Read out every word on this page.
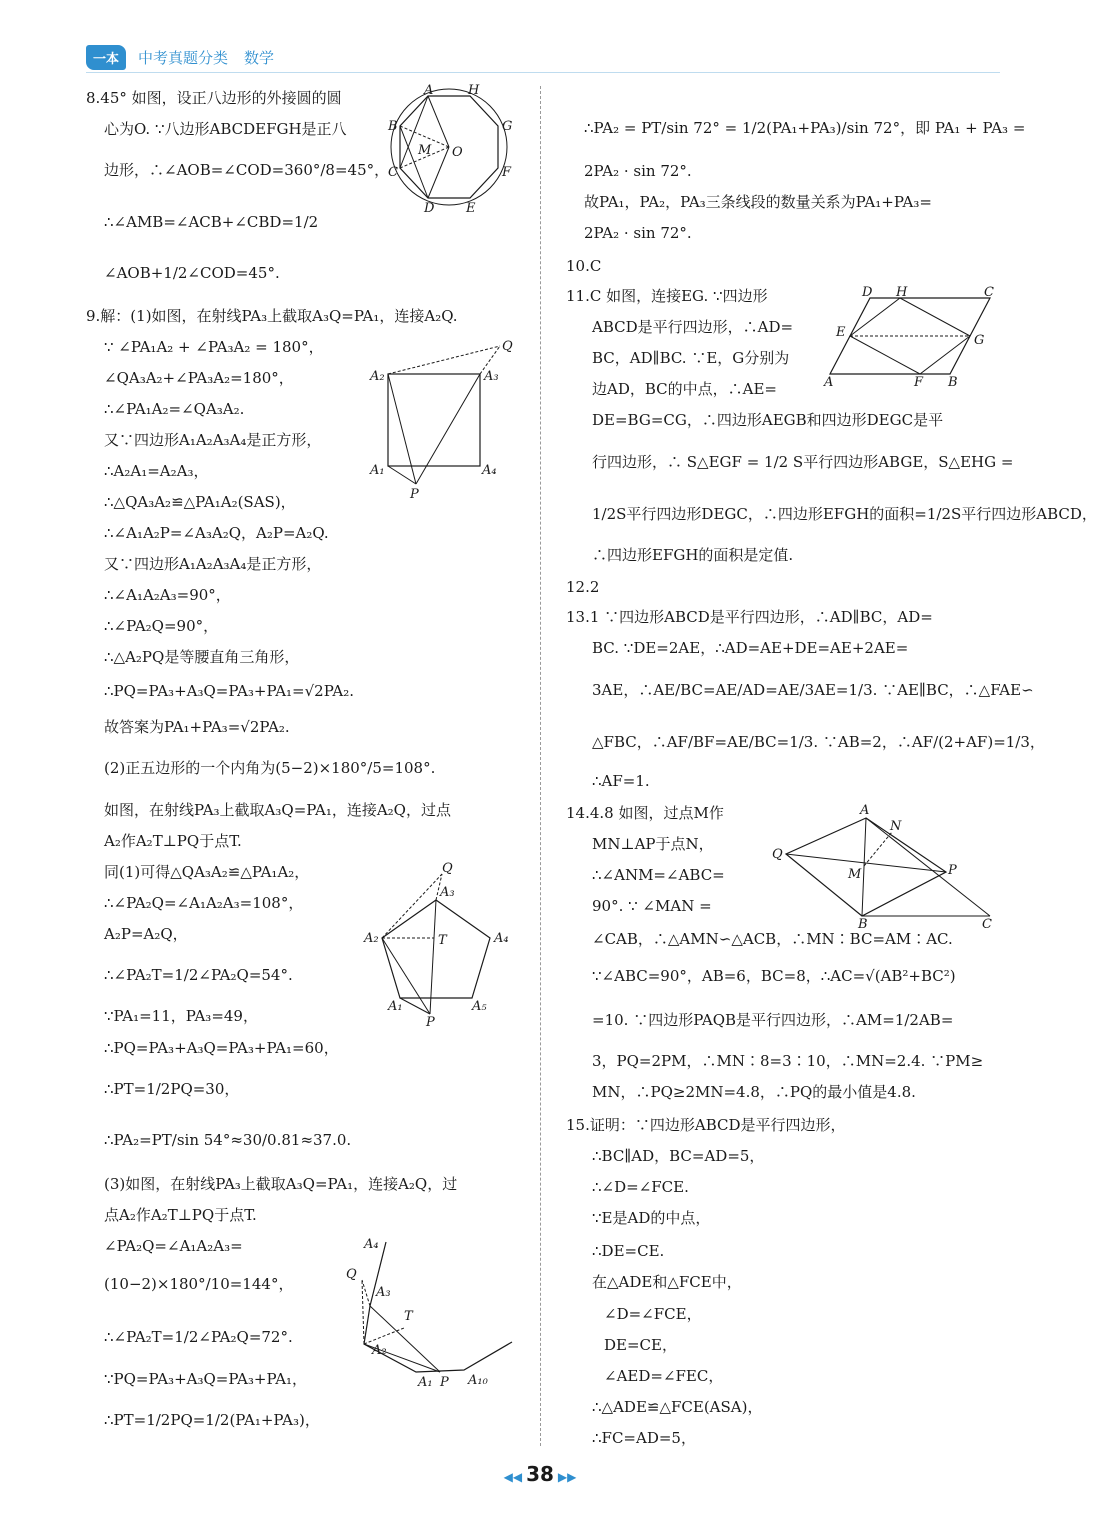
一本	中考真题分类 数学
8.45° 如图，设正八边形的外接圆的圆
心为O. ∵八边形ABCDEFGH是正八
边形，∴∠AOB=∠COD=360°/8=45°，
∴∠AMB=∠ACB+∠CBD=1/2
∠AOB+1/2∠COD=45°.
9.解：(1)如图，在射线PA₃上截取A₃Q=PA₁，连接A₂Q.
∵ ∠PA₁A₂ + ∠PA₃A₂ = 180°，
∠QA₃A₂+∠PA₃A₂=180°，
∴∠PA₁A₂=∠QA₃A₂.
又∵四边形A₁A₂A₃A₄是正方形，
∴A₂A₁=A₂A₃，
∴△QA₃A₂≌△PA₁A₂(SAS)，
∴∠A₁A₂P=∠A₃A₂Q，A₂P=A₂Q.
又∵四边形A₁A₂A₃A₄是正方形，
∴∠A₁A₂A₃=90°，
∴∠PA₂Q=90°，
∴△A₂PQ是等腰直角三角形，
∴PQ=PA₃+A₃Q=PA₃+PA₁=√2PA₂.
故答案为PA₁+PA₃=√2PA₂.
(2)正五边形的一个内角为(5−2)×180°/5=108°.
如图，在射线PA₃上截取A₃Q=PA₁，连接A₂Q，过点
A₂作A₂T⊥PQ于点T.
同(1)可得△QA₃A₂≌△PA₁A₂，
∴∠PA₂Q=∠A₁A₂A₃=108°，
A₂P=A₂Q，
∴∠PA₂T=1/2∠PA₂Q=54°.
∵PA₁=11，PA₃=49，
∴PQ=PA₃+A₃Q=PA₃+PA₁=60，
∴PT=1/2PQ=30，
∴PA₂=PT/sin 54°≈30/0.81≈37.0.
(3)如图，在射线PA₃上截取A₃Q=PA₁，连接A₂Q，过
点A₂作A₂T⊥PQ于点T.
∠PA₂Q=∠A₁A₂A₃=
(10−2)×180°/10=144°，
∴∠PA₂T=1/2∠PA₂Q=72°.
∵PQ=PA₃+A₃Q=PA₃+PA₁，
∴PT=1/2PQ=1/2(PA₁+PA₃)，
∴PA₂ = PT/sin 72° = 1/2(PA₁+PA₃)/sin 72°，即 PA₁ + PA₃ =
2PA₂ · sin 72°.
故PA₁，PA₂，PA₃三条线段的数量关系为PA₁+PA₃=
2PA₂ · sin 72°.
10.C
11.C 如图，连接EG. ∵四边形
ABCD是平行四边形，∴AD=
BC，AD∥BC. ∵E，G分别为
边AD，BC的中点，∴AE=
DE=BG=CG，∴四边形AEGB和四边形DEGC是平
行四边形，∴ S△EGF = 1/2 S平行四边形ABGE，S△EHG =
1/2S平行四边形DEGC，∴四边形EFGH的面积=1/2S平行四边形ABCD，
∴四边形EFGH的面积是定值.
12.2
13.1 ∵四边形ABCD是平行四边形，∴AD∥BC，AD=
BC. ∵DE=2AE，∴AD=AE+DE=AE+2AE=
3AE，∴AE/BC=AE/AD=AE/3AE=1/3. ∵AE∥BC，∴△FAE∽
△FBC，∴AF/BF=AE/BC=1/3. ∵AB=2，∴AF/(2+AF)=1/3，
∴AF=1.
14.4.8 如图，过点M作
MN⊥AP于点N，
∴∠ANM=∠ABC=
90°. ∵ ∠MAN =
∠CAB，∴△AMN∽△ACB，∴MN∶BC=AM∶AC.
∵∠ABC=90°，AB=6，BC=8，∴AC=√(AB²+BC²)
=10. ∵四边形PAQB是平行四边形，∴AM=1/2AB=
3，PQ=2PM，∴MN∶8=3∶10，∴MN=2.4. ∵PM≥
MN，∴PQ≥2MN=4.8，∴PQ的最小值是4.8.
15.证明：∵四边形ABCD是平行四边形，
∴BC∥AD，BC=AD=5，
∴∠D=∠FCE.
∵E是AD的中点，
∴DE=CE.
在△ADE和△FCE中，
∠D=∠FCE，
DE=CE，
∠AED=∠FEC，
∴△ADE≌△FCE(ASA)，
∴FC=AD=5，
A	H
B	G
C	F
D E
M O
Q
A₂	A₃
A₁	A₄
P
Q
A₃
A₂	T	A₄
A₁	A₅
P
A₄
Q
A₃
T
A₂
A₁ P A₁₀
D H	C
E
G
A	F B
A
N
Q
M	P
B	C
◀◀ 38 ▶▶
